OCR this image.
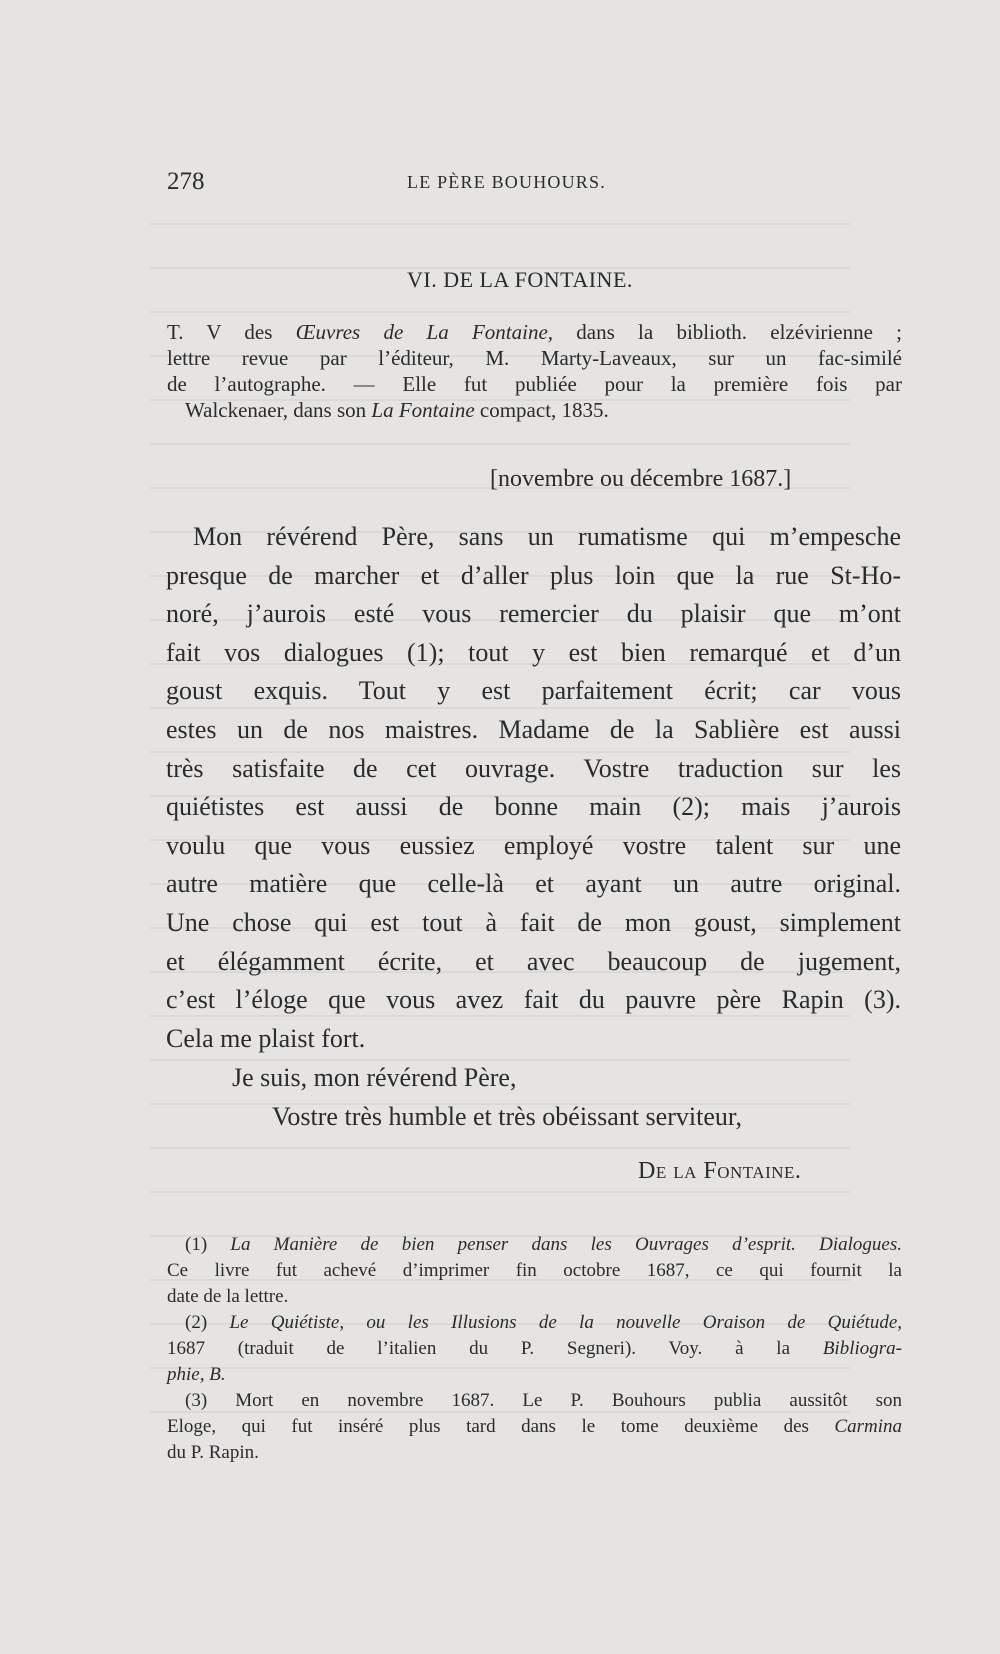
278	LE PÈRE BOUHOURS.
VI. DE LA FONTAINE.
T. V des Œuvres de La Fontaine, dans la biblioth. elzévirienne ;
lettre revue par l’éditeur, M. Marty-Laveaux, sur un fac-similé
de l’autographe. — Elle fut publiée pour la première fois par
Walckenaer, dans son La Fontaine compact, 1835.
[novembre ou décembre 1687.]
Mon révérend Père, sans un rumatisme qui m’empesche
presque de marcher et d’aller plus loin que la rue St-Ho-
noré, j’aurois esté vous remercier du plaisir que m’ont
fait vos dialogues (1); tout y est bien remarqué et d’un
goust exquis. Tout y est parfaitement écrit; car vous
estes un de nos maistres. Madame de la Sablière est aussi
très satisfaite de cet ouvrage. Vostre traduction sur les
quiétistes est aussi de bonne main (2); mais j’aurois
voulu que vous eussiez employé vostre talent sur une
autre matière que celle-là et ayant un autre original.
Une chose qui est tout à fait de mon goust, simplement
et élégamment écrite, et avec beaucoup de jugement,
c’est l’éloge que vous avez fait du pauvre père Rapin (3).
Cela me plaist fort.
Je suis, mon révérend Père,
Vostre très humble et très obéissant serviteur,
De la Fontaine.
(1) La Manière de bien penser dans les Ouvrages d’esprit. Dialogues.
Ce livre fut achevé d’imprimer fin octobre 1687, ce qui fournit la
date de la lettre.
(2) Le Quiétiste, ou les Illusions de la nouvelle Oraison de Quiétude,
1687 (traduit de l’italien du P. Segneri). Voy. à la Bibliogra-
phie, B.
(3) Mort en novembre 1687. Le P. Bouhours publia aussitôt son
Eloge, qui fut inséré plus tard dans le tome deuxième des Carmina
du P. Rapin.
